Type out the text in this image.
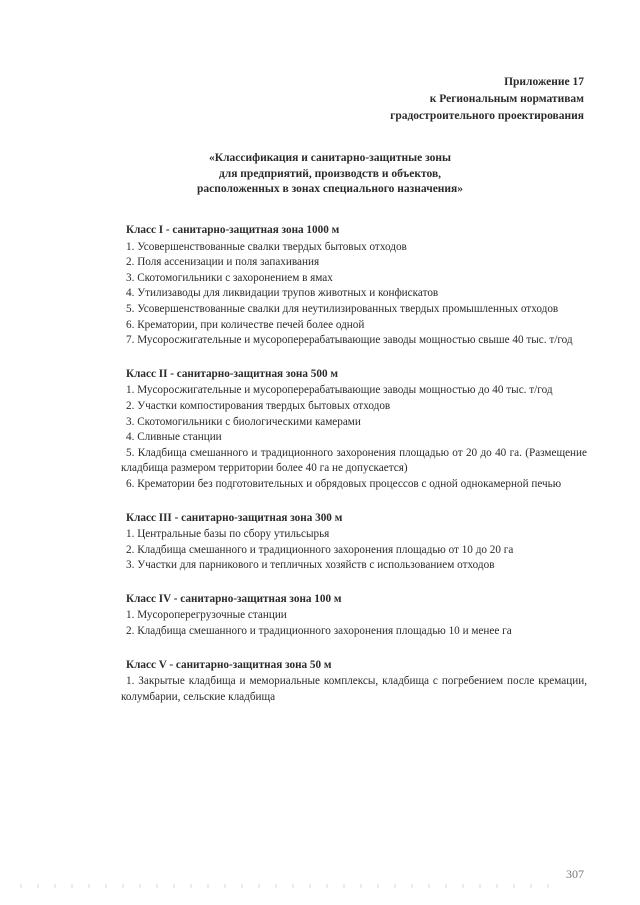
Приложение 17
к Региональным нормативам
градостроительного проектирования
«Классификация и санитарно-защитные зоны
для предприятий, производств и объектов,
расположенных в зонах специального назначения»
Класс I - санитарно-защитная зона 1000 м

1. Усовершенствованные свалки твердых бытовых отходов

2. Поля ассенизации и поля запахивания

3. Скотомогильники с захоронением в ямах

4. Утилизаводы для ликвидации трупов животных и конфискатов

5. Усовершенствованные свалки для неутилизированных твердых промышленных отходов

6. Крематории, при количестве печей более одной

7. Мусоросжигательные и мусороперерабатывающие заводы мощностью свыше 40 тыс. т/год

Класс II - санитарно-защитная зона 500 м

1. Мусоросжигательные и мусороперерабатывающие заводы мощностью до 40 тыс. т/год

2. Участки компостирования твердых бытовых отходов

3. Скотомогильники с биологическими камерами

4. Сливные станции

5. Кладбища смешанного и традиционного захоронения площадью от 20 до 40 га. (Размещение кладбища размером территории более 40 га не допускается)

6. Крематории без подготовительных и обрядовых процессов с одной однокамерной печью

Класс III - санитарно-защитная зона 300 м

1. Центральные базы по сбору утильсырья

2. Кладбища смешанного и традиционного захоронения площадью от 10 до 20 га

3. Участки для парникового и тепличных хозяйств с использованием отходов

Класс IV - санитарно-защитная зона 100 м

1. Мусороперегрузочные станции

2. Кладбища смешанного и традиционного захоронения площадью 10 и менее га

Класс V - санитарно-защитная зона 50 м

1. Закрытые кладбища и мемориальные комплексы, кладбища с погребением после кремации, колумбарии, сельские кладбища

307
